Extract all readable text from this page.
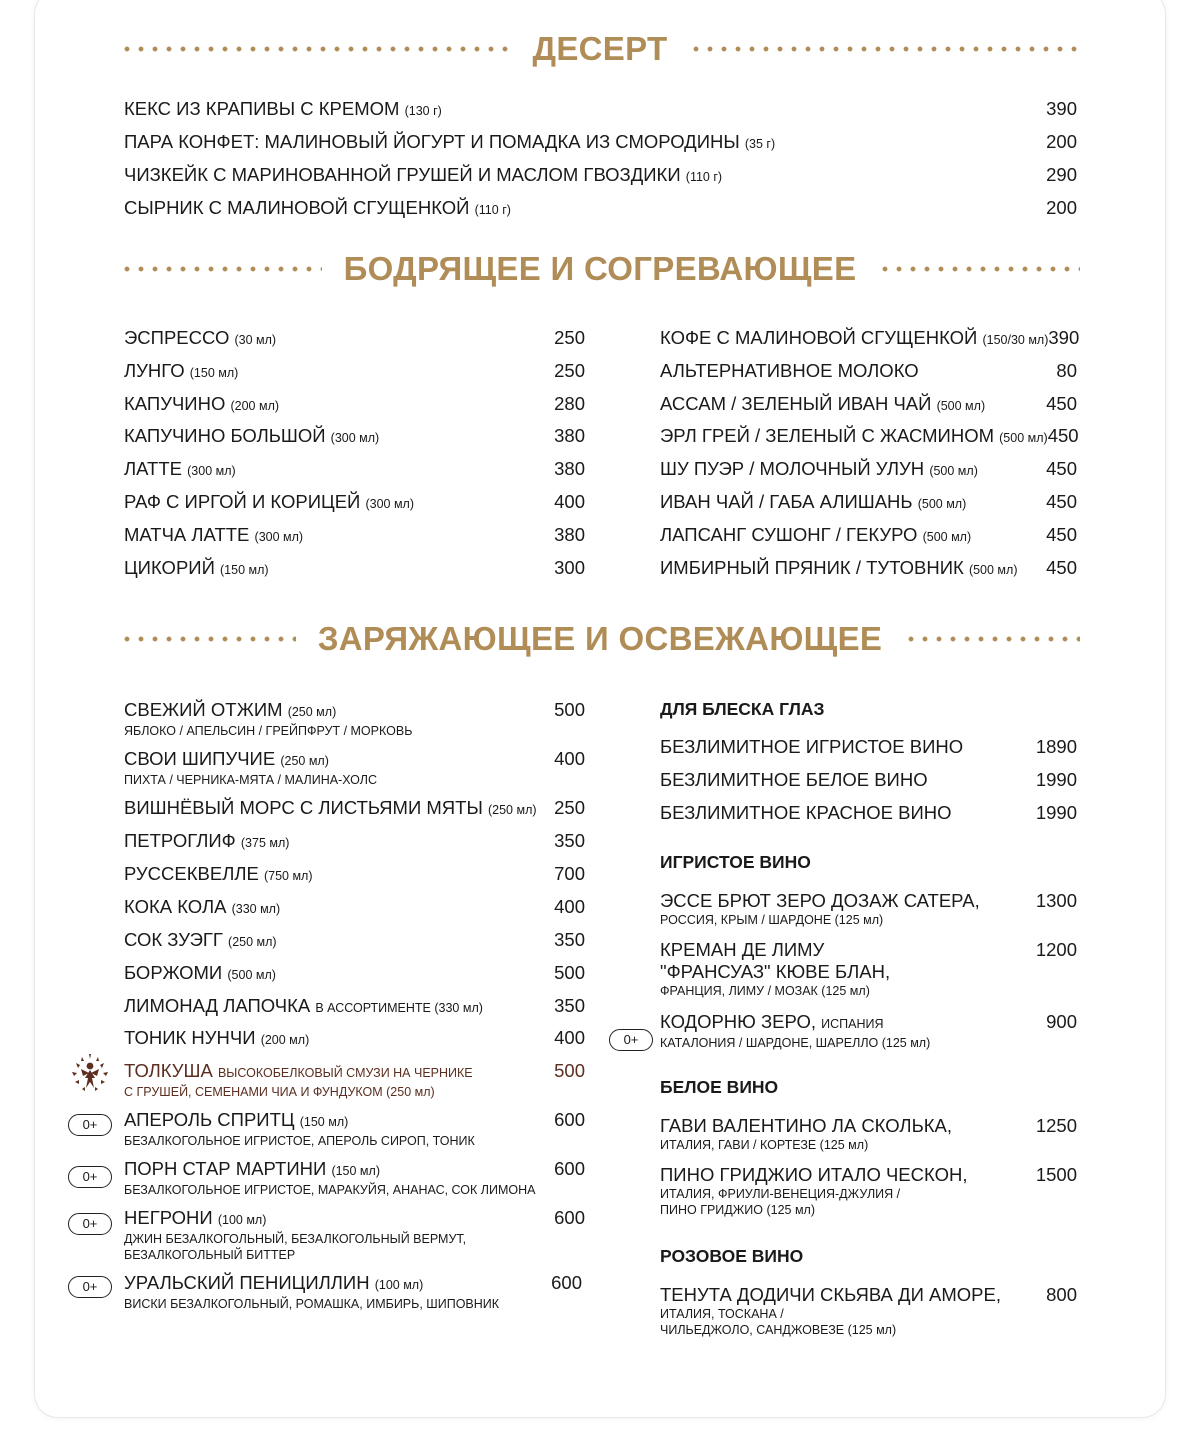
ДЕСЕРТ
КЕКС ИЗ КРАПИВЫ С КРЕМОМ (130 г)	390
ПАРА КОНФЕТ: МАЛИНОВЫЙ ЙОГУРТ И ПОМАДКА ИЗ СМОРОДИНЫ (35 г)	200
ЧИЗКЕЙК С МАРИНОВАННОЙ ГРУШЕЙ И МАСЛОМ ГВОЗДИКИ (110 г)	290
СЫРНИК С МАЛИНОВОЙ СГУЩЕНКОЙ (110 г)	200
БОДРЯЩЕЕ И СОГРЕВАЮЩЕЕ
ЭСПРЕССО (30 мл)	250
ЛУНГО (150 мл)	250
КАПУЧИНО (200 мл)	280
КАПУЧИНО БОЛЬШОЙ (300 мл)	380
ЛАТТЕ (300 мл)	380
РАФ С ИРГОЙ И КОРИЦЕЙ (300 мл)	400
МАТЧА ЛАТТЕ (300 мл)	380
ЦИКОРИЙ (150 мл)	300
КОФЕ С МАЛИНОВОЙ СГУЩЕНКОЙ (150/30 мл) 390
АЛЬТЕРНАТИВНОЕ МОЛОКО	80
АССАМ / ЗЕЛЕНЫЙ ИВАН ЧАЙ (500 мл)	450
ЭРЛ ГРЕЙ / ЗЕЛЕНЫЙ С ЖАСМИНОМ (500 мл) 450
ШУ ПУЭР / МОЛОЧНЫЙ УЛУН (500 мл)	450
ИВАН ЧАЙ / ГАБА АЛИШАНЬ (500 мл)	450
ЛАПСАНГ СУШОНГ / ГЕКУРО (500 мл)	450
ИМБИРНЫЙ ПРЯНИК / ТУТОВНИК (500 мл) 450
ЗАРЯЖАЮЩЕЕ И ОСВЕЖАЮЩЕЕ
СВЕЖИЙ ОТЖИМ (250 мл)
ЯБЛОКО / АПЕЛЬСИН / ГРЕЙПФРУТ / МОРКОВЬ
500
СВОИ ШИПУЧИЕ (250 мл)
ПИХТА / ЧЕРНИКА-МЯТА / МАЛИНА-ХОЛС
400
ВИШНЁВЫЙ МОРС С ЛИСТЬЯМИ МЯТЫ (250 мл) 250
ПЕТРОГЛИФ (375 мл)	350
РУССЕКВЕЛЛЕ (750 мл)	700
КОКА КОЛА (330 мл)	400
СОК ЗУЭГГ (250 мл)	350
БОРЖОМИ (500 мл)	500
ЛИМОНАД ЛАПОЧКА В АССОРТИМЕНТЕ (330 мл)	350
ТОНИК НУНЧИ (200 мл)	400
ТОЛКУША ВЫСОКОБЕЛКОВЫЙ СМУЗИ НА ЧЕРНИКЕ
С ГРУШЕЙ, СЕМЕНАМИ ЧИА И ФУНДУКОМ (250 мл)
500
0+	АПЕРОЛЬ СПРИТЦ (150 мл)
БЕЗАЛКОГОЛЬНОЕ ИГРИСТОЕ, АПЕРОЛЬ СИРОП, ТОНИК
600
0+	ПОРН СТАР МАРТИНИ (150 мл)
БЕЗАЛКОГОЛЬНОЕ ИГРИСТОЕ, МАРАКУЙЯ, АНАНАС, СОК ЛИМОНА
600
0+	НЕГРОНИ (100 мл)
ДЖИН БЕЗАЛКОГОЛЬНЫЙ, БЕЗАЛКОГОЛЬНЫЙ ВЕРМУТ,
БЕЗАЛКОГОЛЬНЫЙ БИТТЕР
600
0+	УРАЛЬСКИЙ ПЕНИЦИЛЛИН (100 мл)
ВИСКИ БЕЗАЛКОГОЛЬНЫЙ, РОМАШКА, ИМБИРЬ, ШИПОВНИК
600
ДЛЯ БЛЕСКА ГЛАЗ
БЕЗЛИМИТНОЕ ИГРИСТОЕ ВИНО	1890
БЕЗЛИМИТНОЕ БЕЛОЕ ВИНО	1990
БЕЗЛИМИТНОЕ КРАСНОЕ ВИНО	1990
ИГРИСТОЕ ВИНО
ЭССЕ БРЮТ ЗЕРО ДОЗАЖ САТЕРА,
РОССИЯ, КРЫМ / ШАРДОНЕ (125 мл)
1300
КРЕМАН ДЕ ЛИМУ
"ФРАНСУАЗ" КЮВЕ БЛАН,
ФРАНЦИЯ, ЛИМУ / МОЗАК (125 мл)
1200
0+
КОДОРНЮ ЗЕРО, ИСПАНИЯ
КАТАЛОНИЯ / ШАРДОНЕ, ШАРЕЛЛО (125 мл)
900
БЕЛОЕ ВИНО
ГАВИ ВАЛЕНТИНО ЛА СКОЛЬКА,
ИТАЛИЯ, ГАВИ / КОРТЕЗЕ (125 мл)
1250
ПИНО ГРИДЖИО ИТАЛО ЧЕСКОН,
ИТАЛИЯ, ФРИУЛИ-ВЕНЕЦИЯ-ДЖУЛИЯ /
ПИНО ГРИДЖИО (125 мл)
1500
РОЗОВОЕ ВИНО
ТЕНУТА ДОДИЧИ СКЬЯВА ДИ АМОРЕ,
ИТАЛИЯ, ТОСКАНА /
ЧИЛЬЕДЖОЛО, САНДЖОВЕЗЕ (125 мл)
800
